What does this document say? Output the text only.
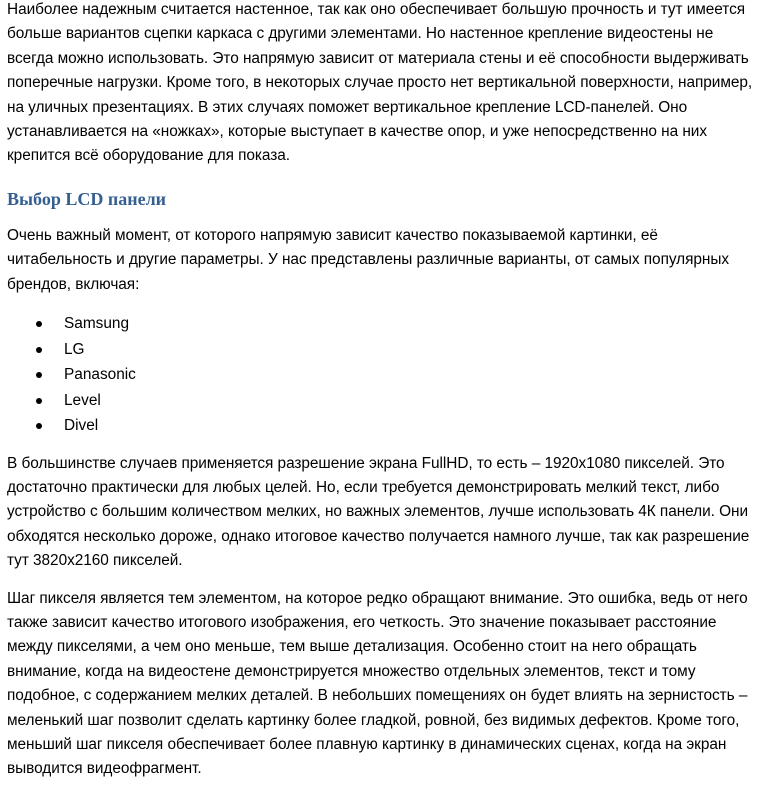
Наиболее надежным считается настенное, так как оно обеспечивает большую прочность и тут имеется больше вариантов сцепки каркаса с другими элементами. Но настенное крепление видеостены не всегда можно использовать. Это напрямую зависит от материала стены и её способности выдерживать поперечные нагрузки. Кроме того, в некоторых случае просто нет вертикальной поверхности, например, на уличных презентациях. В этих случаях поможет вертикальное крепление LCD-панелей. Оно устанавливается на «ножках», которые выступает в качестве опор, и уже непосредственно на них крепится всё оборудование для показа.

Выбор LCD панели

Очень важный момент, от которого напрямую зависит качество показываемой картинки, её читабельность и другие параметры. У нас представлены различные варианты, от самых популярных брендов, включая:

Samsung
LG
Panasonic
Level
Divel

В большинстве случаев применяется разрешение экрана FullHD, то есть – 1920х1080 пикселей. Это достаточно практически для любых целей. Но, если требуется демонстрировать мелкий текст, либо устройство с большим количеством мелких, но важных элементов, лучше использовать 4К панели. Они обходятся несколько дороже, однако итоговое качество получается намного лучше, так как разрешение тут 3820х2160 пикселей.

Шаг пикселя является тем элементом, на которое редко обращают внимание. Это ошибка, ведь от него также зависит качество итогового изображения, его четкость. Это значение показывает расстояние между пикселями, а чем оно меньше, тем выше детализация. Особенно стоит на него обращать внимание, когда на видеостене демонстрируется множество отдельных элементов, текст и тому подобное, с содержанием мелких деталей. В небольших помещениях он будет влиять на зернистость – меленький шаг позволит сделать картинку более гладкой, ровной, без видимых дефектов. Кроме того, меньший шаг пикселя обеспечивает более плавную картинку в динамических сценах, когда на экран выводится видеофрагмент.
